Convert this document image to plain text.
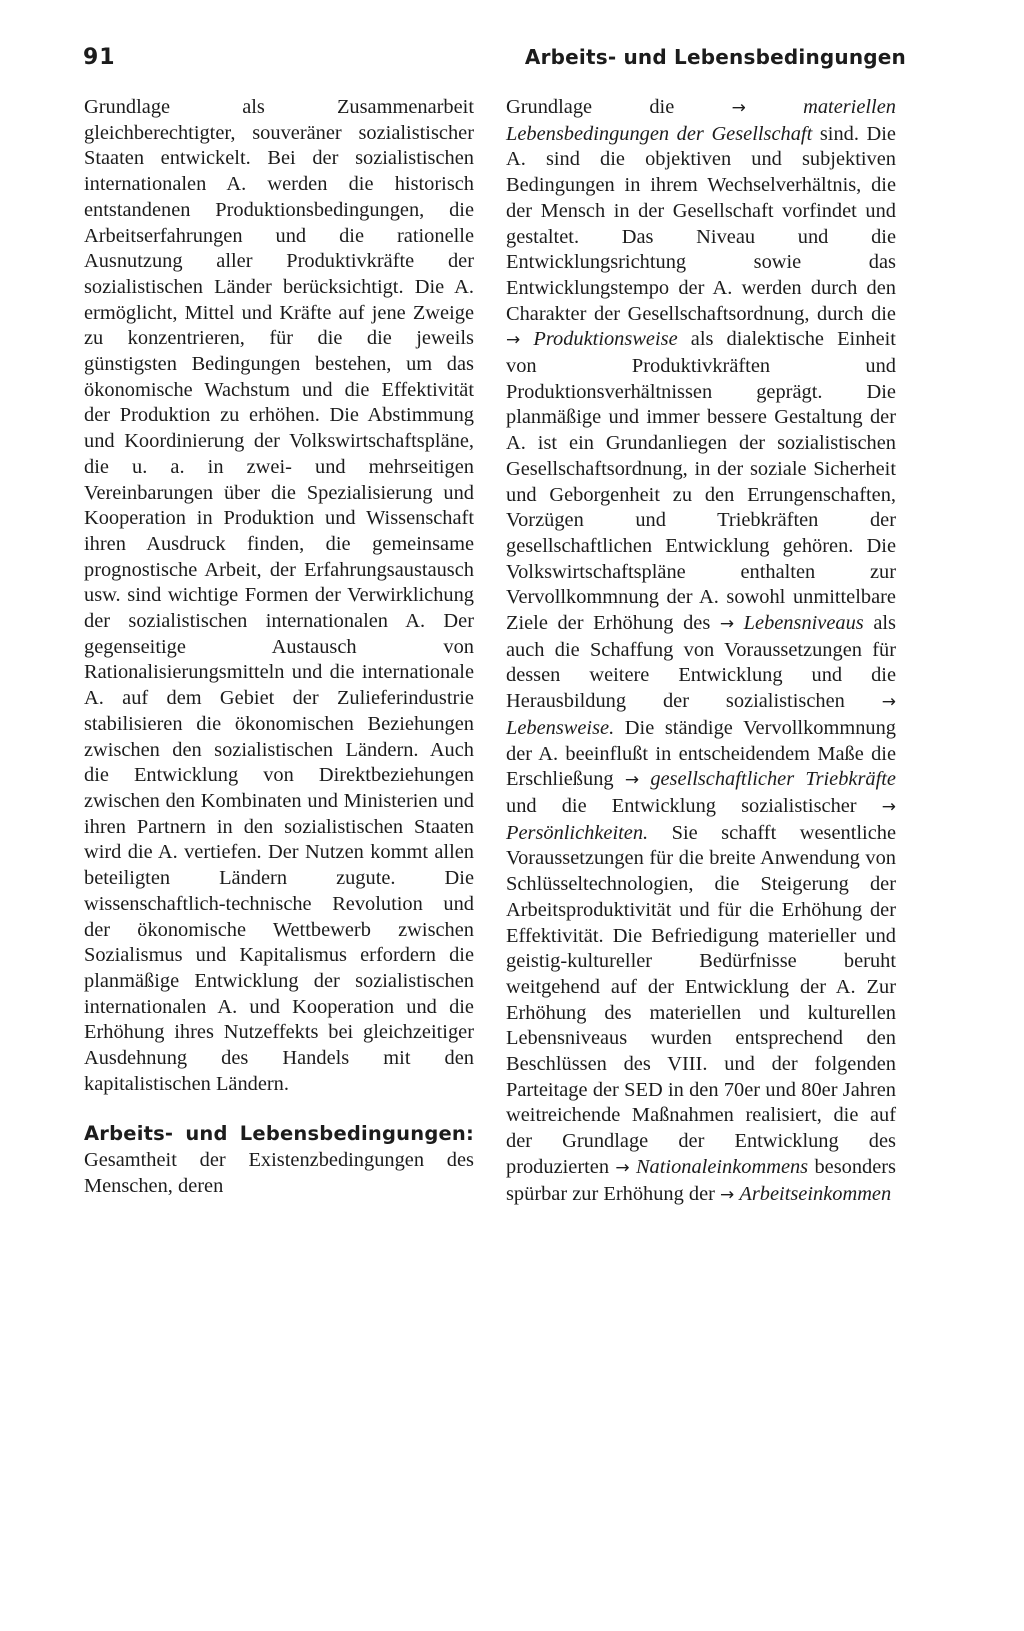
91	Arbeits- und Lebensbedingungen

Grundlage als Zusammenarbeit gleichberechtigter, souveräner sozialistischer Staaten entwickelt. Bei der sozialistischen internationalen A. werden die historisch entstandenen Produktionsbedingungen, die Arbeitserfahrungen und die rationelle Ausnutzung aller Produktivkräfte der sozialistischen Länder berücksichtigt. Die A. ermöglicht, Mittel und Kräfte auf jene Zweige zu konzentrieren, für die die jeweils günstigsten Bedingungen bestehen, um das ökonomische Wachstum und die Effektivität der Produktion zu erhöhen. Die Abstimmung und Koordinierung der Volkswirtschaftspläne, die u. a. in zwei- und mehrseitigen Vereinbarungen über die Spezialisierung und Kooperation in Produktion und Wissenschaft ihren Ausdruck finden, die gemeinsame prognostische Arbeit, der Erfahrungsaustausch usw. sind wichtige Formen der Verwirklichung der sozialistischen internationalen A. Der gegenseitige Austausch von Rationalisierungsmitteln und die internationale A. auf dem Gebiet der Zulieferindustrie stabilisieren die ökonomischen Beziehungen zwischen den sozialistischen Ländern. Auch die Entwicklung von Direktbeziehungen zwischen den Kombinaten und Ministerien und ihren Partnern in den sozialistischen Staaten wird die A. vertiefen. Der Nutzen kommt allen beteiligten Ländern zugute. Die wissenschaftlich-technische Revolution und der ökonomische Wettbewerb zwischen Sozialismus und Kapitalismus erfordern die planmäßige Entwicklung der sozialistischen internationalen A. und Kooperation und die Erhöhung ihres Nutzeffekts bei gleichzeitiger Ausdehnung des Handels mit den kapitalistischen Ländern.

Arbeits- und Lebensbedingungen: Gesamtheit der Existenzbedingungen des Menschen, deren

Grundlage die	→	materiellen Lebensbedingungen der Gesellschaft sind. Die A. sind die objektiven und subjektiven Bedingungen in ihrem Wechselverhältnis, die der Mensch in der Gesellschaft vorfindet und gestaltet. Das Niveau und die Entwicklungsrichtung sowie das Entwicklungstempo der A. werden durch den Charakter der Gesellschaftsordnung, durch die → Produktionsweise als dialektische Einheit von Produktivkräften und Produktionsverhältnissen geprägt. Die planmäßige und immer bessere Gestaltung der A. ist ein Grundanliegen der sozialistischen Gesellschaftsordnung, in der soziale Sicherheit und Geborgenheit zu den Errungenschaften, Vorzügen und Triebkräften der gesellschaftlichen Entwicklung gehören. Die Volkswirtschaftspläne enthalten zur Vervollkommnung der A. sowohl unmittelbare Ziele der Erhöhung des → Lebensniveaus als auch die Schaffung von Voraussetzungen für dessen weitere Entwicklung und die Herausbildung der sozialistischen → Lebensweise. Die ständige Vervollkommnung der A. beeinflußt in entscheidendem Maße die Erschließung → gesellschaftlicher Triebkräfte und die Entwicklung sozialistischer → Persönlichkeiten. Sie schafft wesentliche Voraussetzungen für die breite Anwendung von Schlüsseltechnologien, die Steigerung der Arbeitsproduktivität und für die Erhöhung der Effektivität. Die Befriedigung materieller und geistig-kultureller Bedürfnisse beruht weitgehend auf der Entwicklung der A. Zur Erhöhung des materiellen und kulturellen Lebensniveaus wurden entsprechend den Beschlüssen des VIII. und der folgenden Parteitage der SED in den 70er und 80er Jahren weitreichende Maßnahmen realisiert, die auf der Grundlage der Entwicklung des produzierten → Nationaleinkommens besonders spürbar zur Erhöhung der → Arbeitseinkommen
